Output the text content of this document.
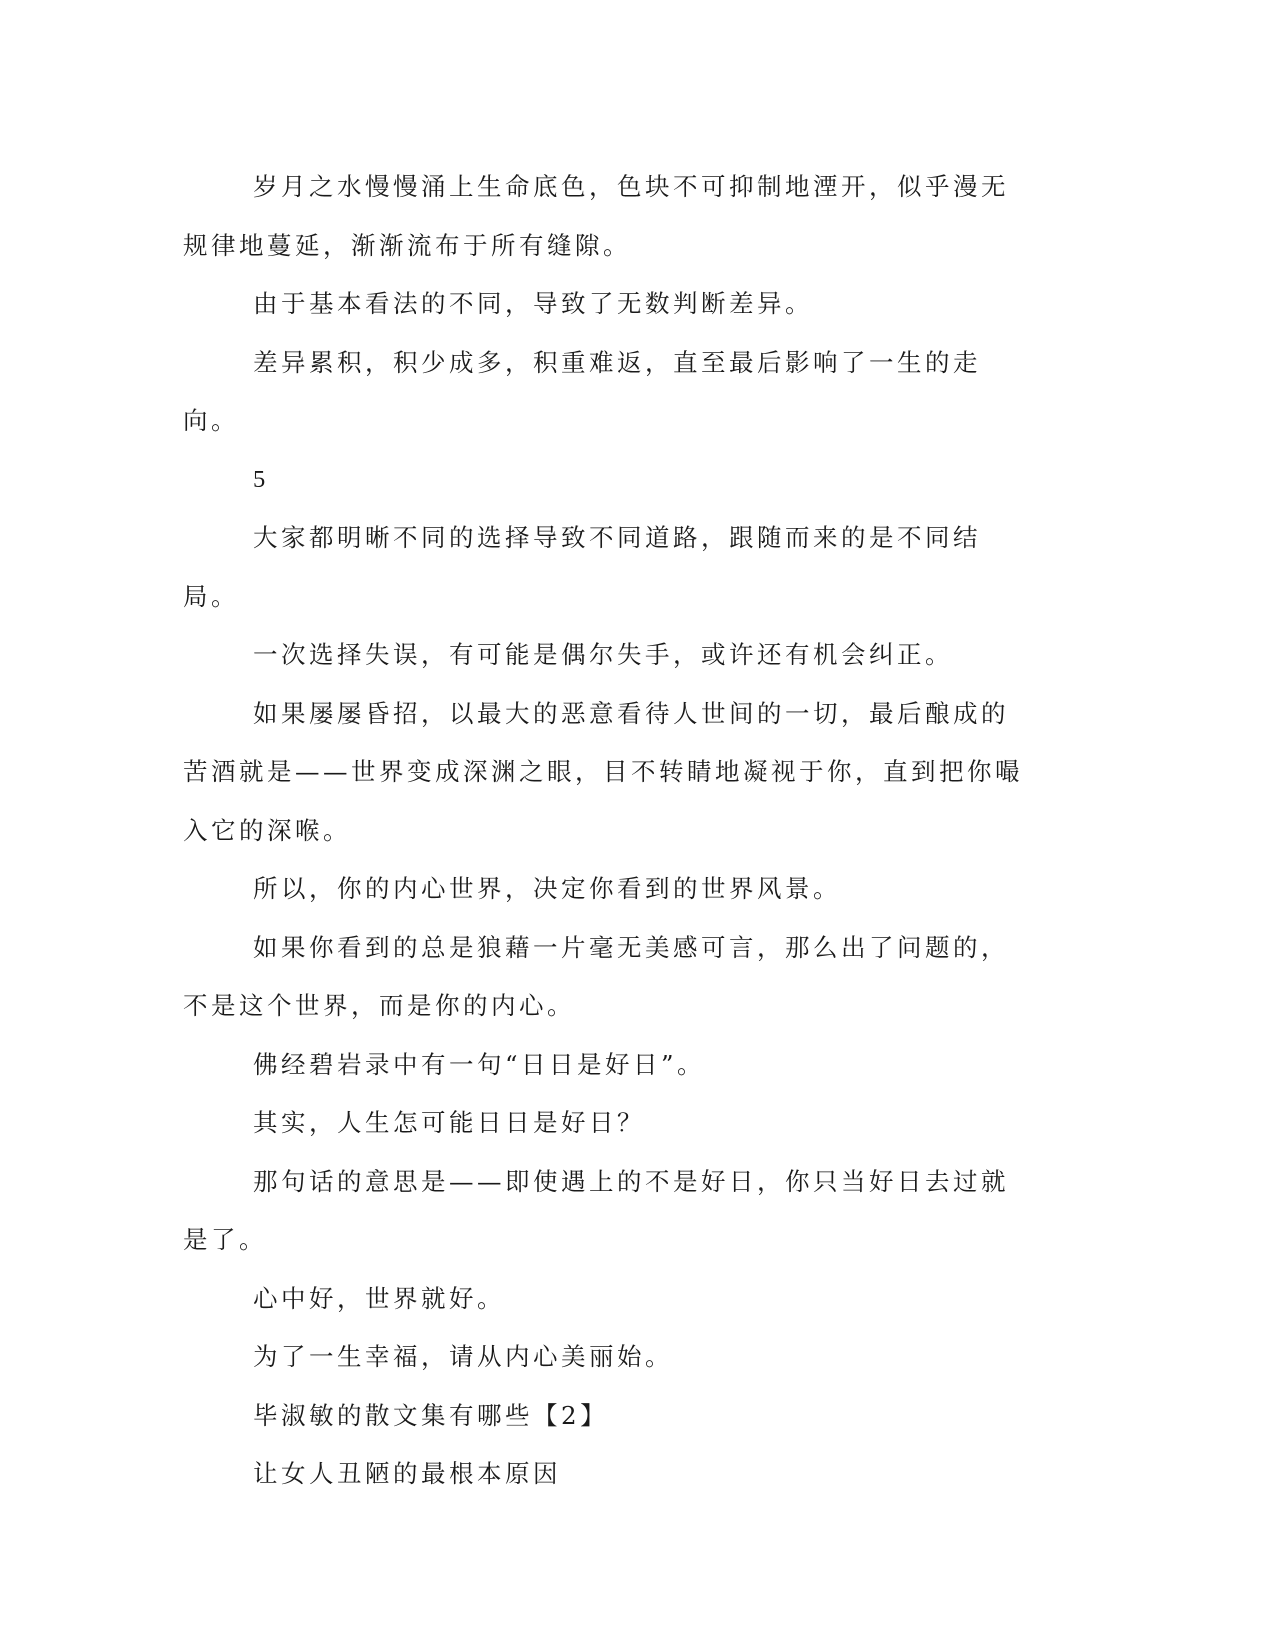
岁月之水慢慢涌上生命底色，色块不可抑制地湮开，似乎漫无规律地蔓延，渐渐流布于所有缝隙。

由于基本看法的不同，导致了无数判断差异。

差异累积，积少成多，积重难返，直至最后影响了一生的走向。

5

大家都明晰不同的选择导致不同道路，跟随而来的是不同结局。

一次选择失误，有可能是偶尔失手，或许还有机会纠正。

如果屡屡昏招，以最大的恶意看待人世间的一切，最后酿成的苦酒就是——世界变成深渊之眼，目不转睛地凝视于你，直到把你嘬入它的深喉。

所以，你的内心世界，决定你看到的世界风景。

如果你看到的总是狼藉一片毫无美感可言，那么出了问题的，不是这个世界，而是你的内心。

佛经碧岩录中有一句“日日是好日”。

其实，人生怎可能日日是好日？

那句话的意思是——即使遇上的不是好日，你只当好日去过就是了。

心中好，世界就好。

为了一生幸福，请从内心美丽始。

毕淑敏的散文集有哪些【2】

让女人丑陋的最根本原因
